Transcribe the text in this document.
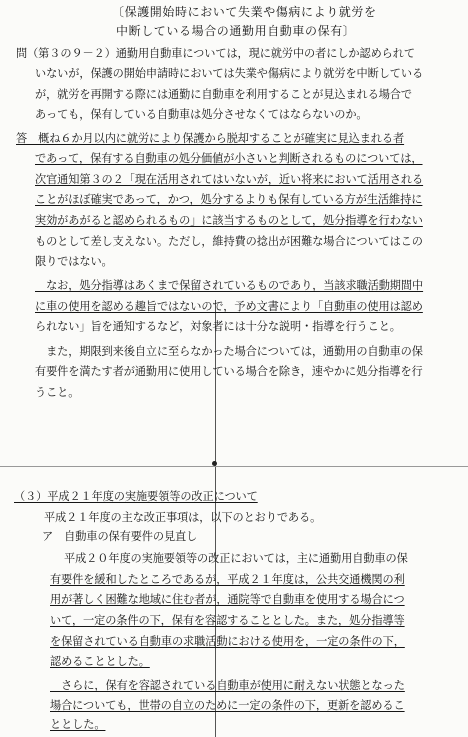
〔保護開始時において失業や傷病により就労を
中断している場合の通勤用自動車の保有〕
問（第３の９－２）通勤用自動車については，現に就労中の者にしか認められて
いないが，保護の開始申請時においては失業や傷病により就労を中断している
が，就労を再開する際には通勤に自動車を利用することが見込まれる場合で
あっても，保有している自動車は処分させなくてはならないのか。
答　概ね６か月以内に就労により保護から脱却することが確実に見込まれる者
であって，保有する自動車の処分価値が小さいと判断されるものについては，
次官通知第３の２「現在活用されてはいないが，近い将来において活用される
ことがほぼ確実であって，かつ，処分するよりも保有している方が生活維持に
実効があがると認められるもの」に該当するものとして，処分指導を行わない
ものとして差し支えない。ただし，維持費の捻出が困難な場合についてはこの
限りではない。
　なお，処分指導はあくまで保留されているものであり，当該求職活動期間中
に車の使用を認める趣旨ではないので，予め文書により「自動車の使用は認め
られない」旨を通知するなど，対象者には十分な説明・指導を行うこと。
　また，期限到来後自立に至らなかった場合については，通勤用の自動車の保
有要件を満たす者が通勤用に使用している場合を除き，速やかに処分指導を行
うこと。
（３）平成２１年度の実施要領等の改正について
平成２１年度の主な改正事項は，以下のとおりである。
ア　自動車の保有要件の見直し
平成２０年度の実施要領等の改正においては，主に通勤用自動車の保
有要件を緩和したところであるが，平成２１年度は，公共交通機関の利
用が著しく困難な地域に住む者が，通院等で自動車を使用する場合につ
いて，一定の条件の下，保有を容認することとした。また，処分指導等
を保留されている自動車の求職活動における使用を，一定の条件の下，
認めることとした。
　さらに，保有を容認されている自動車が使用に耐えない状態となった
場合についても，世帯の自立のために一定の条件の下，更新を認めるこ
ととした。
